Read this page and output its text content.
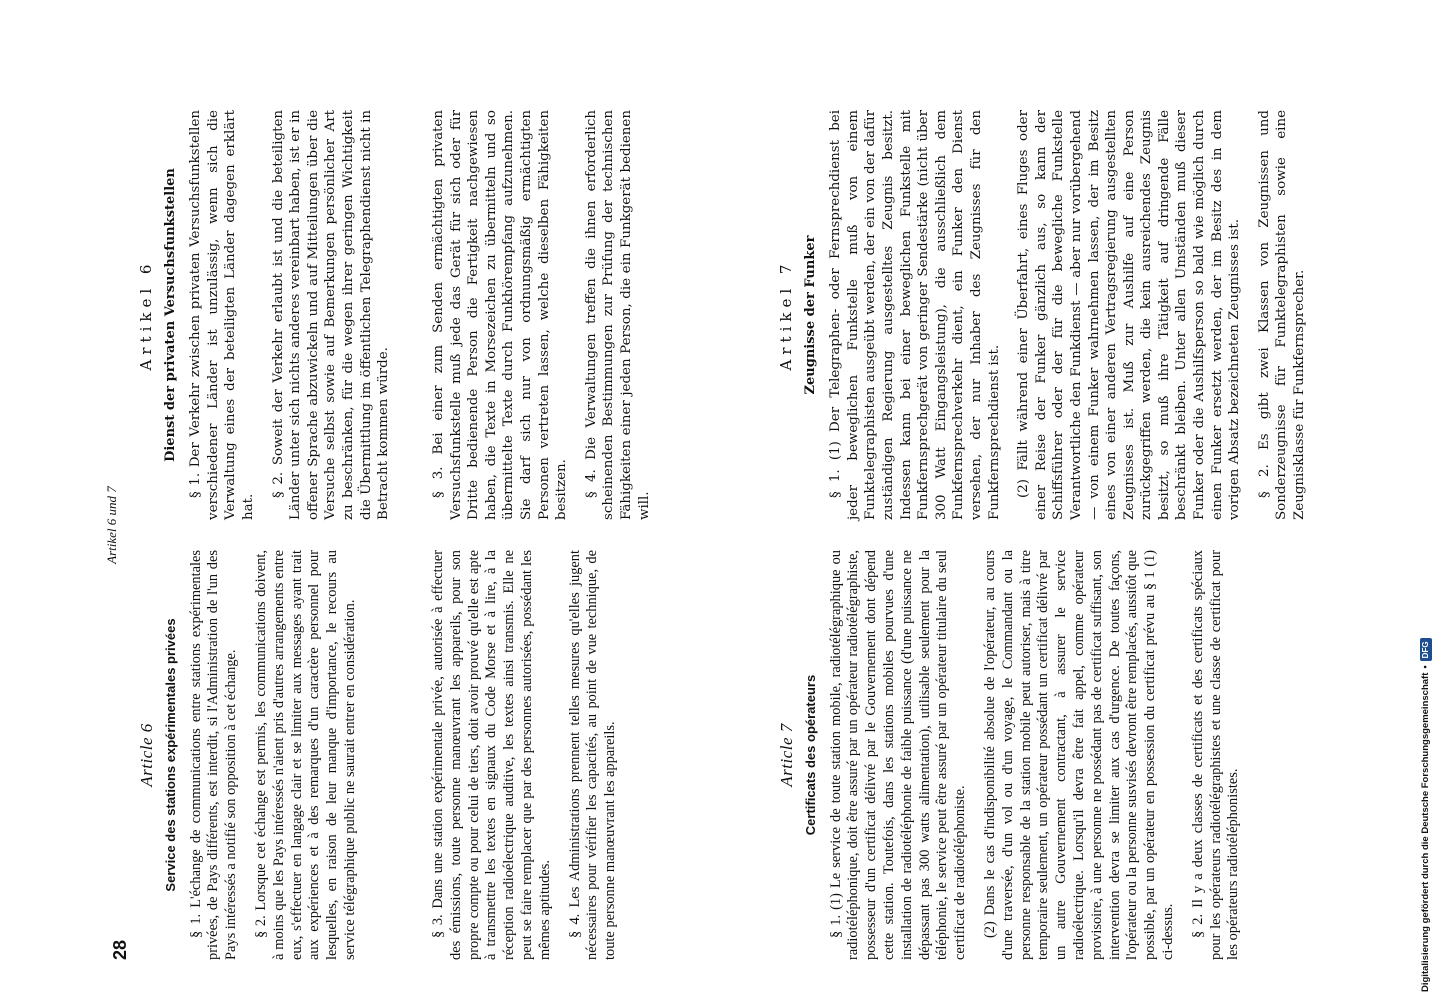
28
Artikel 6 und 7
Article 6 Service des stations expérimentales privées § 1. L'échange de communications entre stations expérimentales privées, de Pays différents, est interdit, si l'Administration de l'un des Pays intéressés a notifié son opposition à cet échange. § 2. Lorsque cet échange est permis, les communications doivent, à moins que les Pays intéressés n'aient pris d'autres arrangements entre eux, s'effectuer en langage clair et se limiter aux messages ayant trait aux expériences et à des remarques d'un caractère personnel pour lesquelles, en raison de leur manque d'importance, le recours au service télégraphique public ne saurait entrer en considération.	§ 3. Dans une station expérimentale privée, autorisée à effectuer des émissions, toute personne manœuvrant les appareils, pour son propre compte ou pour celui de tiers, doit avoir prouvé qu'elle est apte à transmettre les textes en signaux du Code Morse et à lire, à la réception radioélectrique auditive, les textes ainsi transmis. Elle ne peut se faire remplacer que par des personnes autorisées, possédant les mêmes aptitudes. § 4. Les Administrations prennent telles mesures qu'elles jugent nécessaires pour vérifier les capacités, au point de vue technique, de toute personne manœuvrant les appareils.	Article 7 Certificats des opérateurs § 1. (1) Le service de toute station mobile, radiotélégraphique ou radiotéléphonique, doit être assuré par un opérateur radiotélégraphiste, possesseur d'un certificat délivré par le Gouvernement dont dépend cette station. Toutefois, dans les stations mobiles pourvues d'une installation de radiotéléphonie de faible puissance (d'une puissance ne dépassant pas 300 watts alimentation), utilisable seulement pour la téléphonie, le service peut être assuré par un opérateur titulaire du seul certificat de radiotéléphoniste. (2) Dans le cas d'indisponibilité absolue de l'opérateur, au cours d'une traversée, d'un vol ou d'un voyage, le Commandant ou la personne responsable de la station mobile peut autoriser, mais à titre temporaire seulement, un opérateur possédant un certificat délivré par un autre Gouvernement contractant, à assurer le service radioélectrique. Lorsqu'il devra être fait appel, comme opérateur provisoire, à une personne ne possédant pas de certificat suffisant, son intervention devra se limiter aux cas d'urgence. De toutes façons, l'opérateur ou la personne susvisés devront être remplacés, aussitôt que possible, par un opérateur en possession du certificat prévu au § 1 (1) ci-dessus. § 2. Il y a deux classes de certificats et des certificats spéciaux pour les opérateurs radiotélégraphistes et une classe de certificat pour les opérateurs radiotéléphonistes.

Artikel 6 Dienst der privaten Versuchsfunkstellen § 1. Der Verkehr zwischen privaten Versuchsfunkstellen verschiedener Länder ist unzulässig, wenn sich die Verwaltung eines der beteiligten Länder dagegen erklärt hat.

§ 2. Soweit der Verkehr erlaubt ist und die beteiligten Länder unter sich nichts anderes vereinbart haben, ist er in offener Sprache abzuwickeln und auf Mitteilungen über die Versuche selbst sowie auf Bemerkungen persönlicher Art zu beschränken, für die wegen ihrer geringen Wichtigkeit die Übermittlung im öffentlichen Telegraphendienst nicht in Betracht kommen würde.	§ 3. Bei einer zum Senden ermächtigten privaten Versuchsfunkstelle muß jede das Gerät für sich oder für Dritte bedienende Person die Fertigkeit nachgewiesen haben, die Texte in Morsezeichen zu übermitteln und so übermittelte Texte durch Funkhörempfang aufzunehmen. Sie darf sich nur von ordnungsmäßig ermächtigten Personen vertreten lassen, welche dieselben Fähigkeiten besitzen. § 4. Die Verwaltungen treffen die ihnen erforderlich scheinenden Bestimmungen zur Prüfung der technischen Fähigkeiten einer jeden Person, die ein Funkgerät bedienen will.

Artikel 7 Zeugnisse der Funker § 1. (1) Der Telegraphen- oder Fernsprechdienst bei jeder beweglichen Funkstelle muß von einem Funktelegraphisten ausgeübt werden, der ein von der dafür zuständigen Regierung ausgestelltes Zeugnis besitzt. Indessen kann bei einer beweglichen Funkstelle mit Funkfernsprechgerät von geringer Sendestärke (nicht über 300 Watt Eingangsleistung), die ausschließlich dem Funkfernsprechverkehr dient, ein Funker den Dienst versehen, der nur Inhaber des Zeugnisses für den Funkfernsprechdienst ist. (2) Fällt während einer Überfahrt, eines Fluges oder einer Reise der Funker gänzlich aus, so kann der Schiffsführer oder der für die bewegliche Funkstelle Verantwortliche den Funkdienst — aber nur vorübergehend — von einem Funker wahrnehmen lassen, der im Besitz eines von einer anderen Vertragsregierung ausgestellten Zeugnisses ist. Muß zur Aushilfe auf eine Person zurückgegriffen werden, die kein ausreichendes Zeugnis besitzt, so muß ihre Tätigkeit auf dringende Fälle beschränkt bleiben. Unter allen Umständen muß dieser Funker oder die Aushilfsperson so bald wie möglich durch einen Funker ersetzt werden, der im Besitz des in dem vorigen Absatz bezeichneten Zeugnisses ist. § 2. Es gibt zwei Klassen von Zeugnissen und Sonderzeugnisse für Funktelegraphisten sowie eine Zeugnisklasse für Funkfernsprecher.

Digitalisierung gefördert durch die Deutsche Forschungsgemeinschaft
•
DFG
